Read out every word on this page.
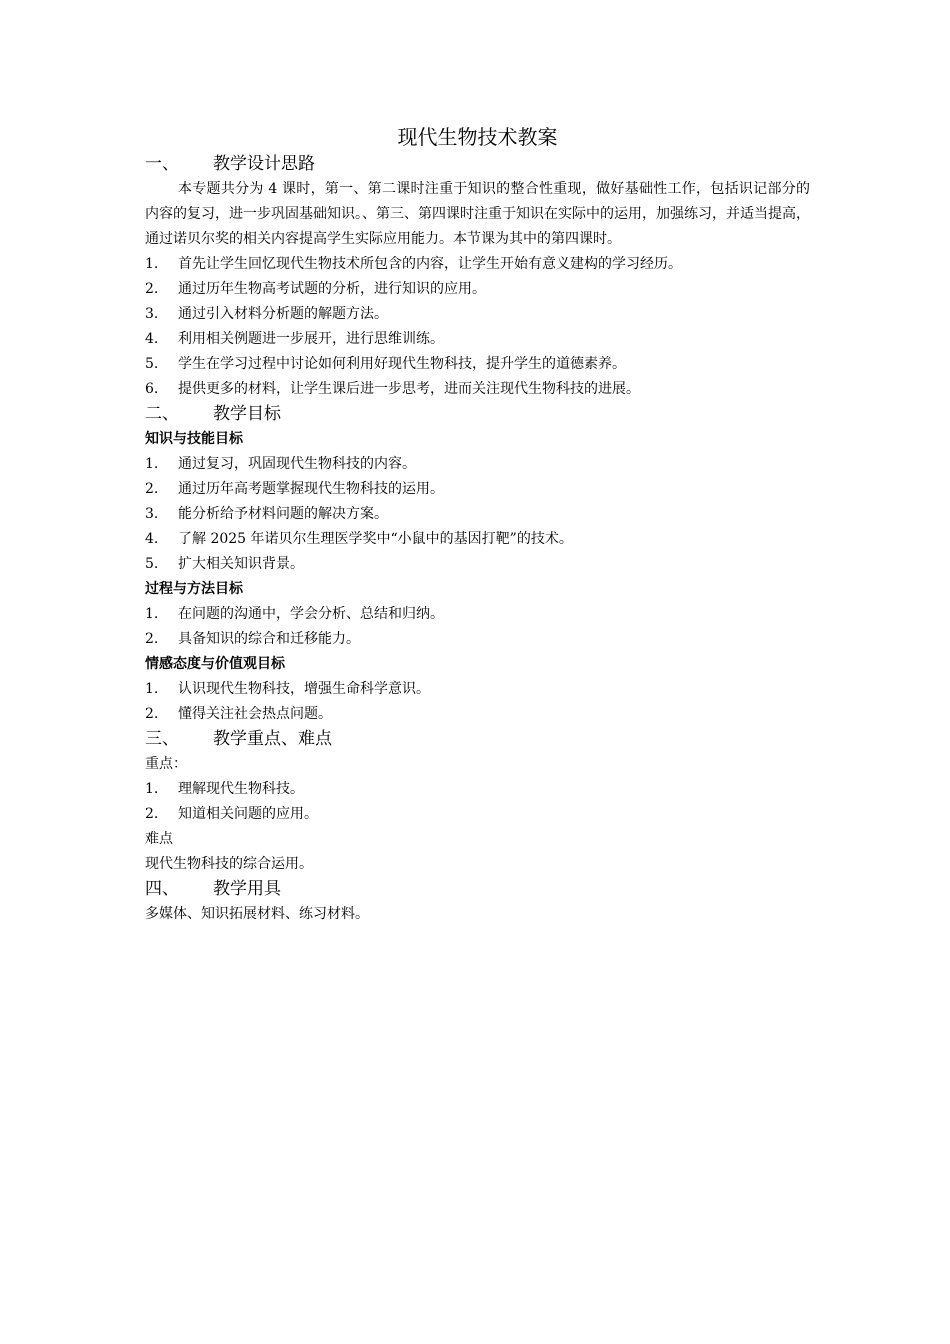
现代生物技术教案
一、	教学设计思路
本专题共分为 4 课时，第一、第二课时注重于知识的整合性重现，做好基础性工作，包括识记部分的内容的复习，进一步巩固基础知识。、第三、第四课时注重于知识在实际中的运用，加强练习，并适当提高，通过诺贝尔奖的相关内容提高学生实际应用能力。本节课为其中的第四课时。
1.	首先让学生回忆现代生物技术所包含的内容，让学生开始有意义建构的学习经历。
2.	通过历年生物高考试题的分析，进行知识的应用。
3.	通过引入材料分析题的解题方法。
4.	利用相关例题进一步展开，进行思维训练。
5.	学生在学习过程中讨论如何利用好现代生物科技，提升学生的道德素养。
6.	提供更多的材料，让学生课后进一步思考，进而关注现代生物科技的进展。
二、	教学目标
知识与技能目标
1.	通过复习，巩固现代生物科技的内容。
2.	通过历年高考题掌握现代生物科技的运用。
3.	能分析给予材料问题的解决方案。
4.	了解 2025 年诺贝尔生理医学奖中“小鼠中的基因打靶”的技术。
5.	扩大相关知识背景。
过程与方法目标
1.	在问题的沟通中，学会分析、总结和归纳。
2.	具备知识的综合和迁移能力。
情感态度与价值观目标
1.	认识现代生物科技，增强生命科学意识。
2.	懂得关注社会热点问题。
三、	教学重点、难点
重点：
1.	理解现代生物科技。
2.	知道相关问题的应用。
难点
现代生物科技的综合运用。
四、	教学用具
多媒体、知识拓展材料、练习材料。
